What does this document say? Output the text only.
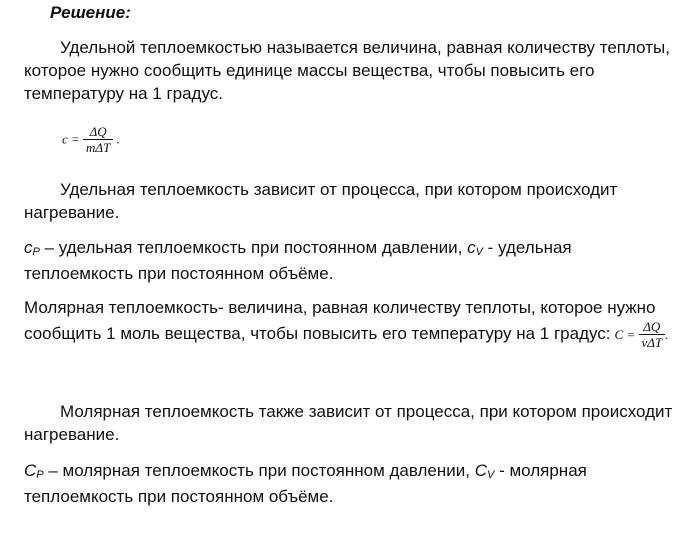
Решение:
Удельной теплоемкостью называется величина, равная количеству теплоты, которое нужно сообщить единице массы вещества, чтобы повысить его температуру на 1 градус.
$c = \frac{\Delta Q}{\text{mΔT}}$ .
Удельная теплоемкость зависит от процесса, при котором происходит нагревание.
cP – удельная теплоемкость при постоянном давлении, cV - удельная теплоемкость при постоянном объёме.
Молярная теплоемкость- величина, равная количеству теплоты, которое нужно сообщить 1 моль вещества, чтобы повысить его температуру на 1 градус: $C = \frac{\Delta Q}{\text{νΔT}}$ .
Молярная теплоемкость также зависит от процесса, при котором происходит нагревание.
CP – молярная теплоемкость при постоянном давлении, CV - молярная теплоемкость при постоянном объёме.
